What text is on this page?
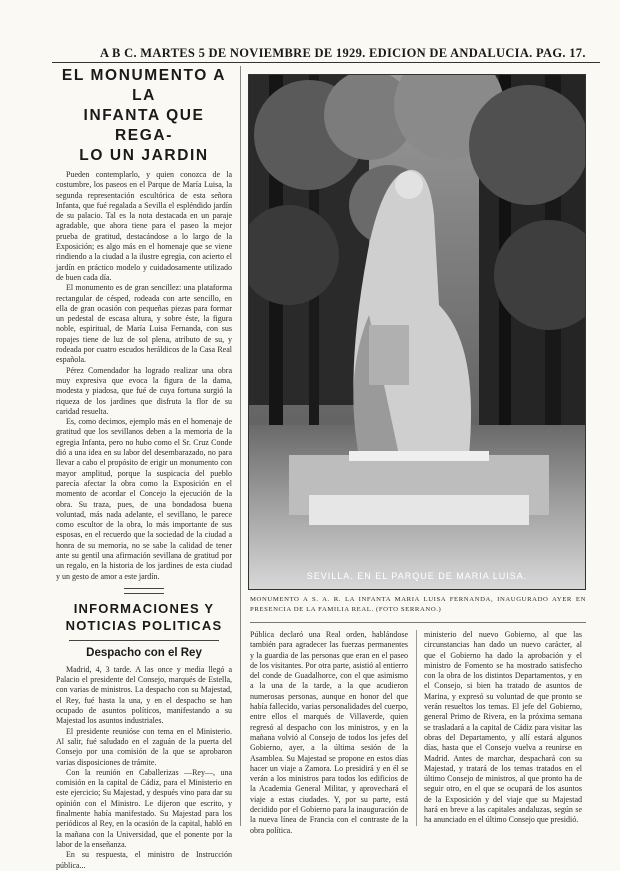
A B C. MARTES 5 DE NOVIEMBRE DE 1929. EDICION DE ANDALUCIA. PAG. 17.
EL MONUMENTO A LA
INFANTA QUE REGA-
LO UN JARDIN

Pueden contemplarlo, y quien conozca de la costumbre, los paseos en el Parque de María Luisa, la segunda representación escultórica de esta señora Infanta, que fué regalada a Sevilla el espléndido jardín de su palacio. Tal es la nota destacada en un paraje agradable, que ahora tiene para el paseo la mejor prueba de gratitud, destacándose a lo largo de la Exposición; es algo más en el homenaje que se viene rindiendo a la ciudad a la ilustre egregia, con acierto el jardín en práctico modelo y cuidadosamente utilizado de buen cada día.

El monumento es de gran sencillez: una plataforma rectangular de césped, rodeada con arte sencillo, en ella de gran ocasión con pequeñas piezas para formar un pedestal de escasa altura, y sobre éste, la figura noble, espiritual, de María Luisa Fernanda, con sus ropajes tiene de luz de sol plena, atributo de su, y rodeada por cuatro escudos heráldicos de la Casa Real española.

Pérez Comendador ha logrado realizar una obra muy expresiva que evoca la figura de la dama, modesta y piadosa, que fué de cuya fortuna surgió la riqueza de los jardines que disfruta la flor de su caridad resuelta.

Es, como decimos, ejemplo más en el homenaje de gratitud que los sevillanos deben a la memoria de la egregia Infanta, pero no hubo como el Sr. Cruz Conde dió a una idea en su labor del desembarazado, no para llevar a cabo el propósito de erigir un monumento con mayor amplitud, porque la suspicacia del pueblo parecía afectar la obra como la Exposición en el momento de acordar el Concejo la ejecución de la obra. Su traza, pues, de una bondadosa buena voluntad, más nada adelante, el sevillano, le parece como escultor de la obra, lo más importante de sus esposas, en el recuerdo que la sociedad de la ciudad a honra de su memoria, no se sabe la calidad de tener ante su gentil una afirmación sevillana de gratitud por un regalo, en la historia de los jardines de esta ciudad y un gesto de amor a este jardín.

INFORMACIONES Y
NOTICIAS POLITICAS
Despacho con el Rey

Madrid, 4, 3 tarde. A las once y media llegó a Palacio el presidente del Consejo, marqués de Estella, con varias de ministros. La despacho con su Majestad, el Rey, fué hasta la una, y en el despacho se han ocupado de asuntos políticos, manifestando a su Majestad los asuntos industriales.

El presidente reunióse con tema en el Ministerio. Al salir, fué saludado en el zaguán de la puerta del Consejo por una comisión de la que se aprobaron varias disposiciones de trámite.

Con la reunión en Caballerizas —Rey—, una comisión en la capital de Cádiz, para el Ministerio en este ejercicio; Su Majestad, y después vino para dar su opinión con el Ministro. Le dijeron que escrito, y finalmente había manifestado. Su Majestad para los periódicos al Rey, en la ocasión de la capital, habló en la mañana con la Universidad, que el ponente por la labor de la enseñanza.

En su respuesta, el ministro de Instrucción pública...

SEVILLA. EN EL PARQUE DE MARIA LUISA.
MONUMENTO A S. A. R. LA INFANTA MARIA LUISA FERNANDA, INAUGURADO AYER EN PRESENCIA DE LA FAMILIA REAL. (FOTO SERRANO.)

Pública declaró una Real orden, hablándose también para agradecer las fuerzas permanentes y la guardia de las personas que eran en el paseo de los visitantes. Por otra parte, asistió al entierro del conde de Guadalhorce, con el que asimismo a la una de la tarde, a la que acudieron numerosas personas, aunque en honor del que había fallecido, varias personalidades del cuerpo, entre ellos el marqués de Villaverde, quien regresó al despacho con los ministros, y en la mañana volvió al Consejo de todos los jefes del Gobierno, ayer, a la última sesión de la Asamblea. Su Majestad se propone en estos días hacer un viaje a Zamora. Lo presidirá y en él se verán a los ministros para todos los edificios de la Academia General Militar, y aprovechará el viaje a estas ciudades. Y, por su parte, está decidido por el Gobierno para la inauguración de la nueva línea de Francia con el contraste de la obra política.

ministerio del nuevo Gobierno, al que las circunstancias han dado un nuevo carácter, al que el Gobierno ha dado la aprobación y el ministro de Fomento se ha mostrado satisfecho con la obra de los distintos Departamentos, y en el Consejo, si bien ha tratado de asuntos de Marina, y expresó su voluntad de que pronto se verán resueltos los temas. El jefe del Gobierno, general Primo de Rivera, en la próxima semana se trasladará a la capital de Cádiz para visitar las obras del Departamento, y allí estará algunos días, hasta que el Consejo vuelva a reunirse en Madrid. Antes de marchar, despachará con su Majestad, y tratará de los temas tratados en el último Consejo de ministros, al que pronto ha de seguir otro, en el que se ocupará de los asuntos de la Exposición y del viaje que su Majestad hará en breve a las capitales andaluzas, según se ha anunciado en el último Consejo que presidió.
